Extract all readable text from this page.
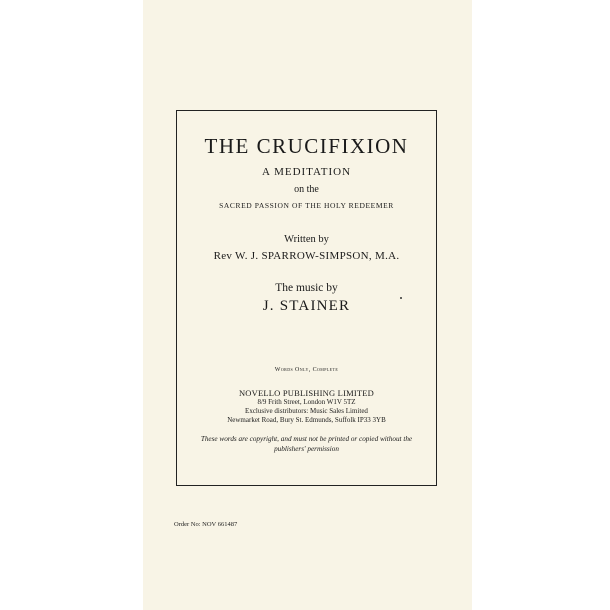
THE CRUCIFIXION
A MEDITATION
on the
SACRED PASSION OF THE HOLY REDEEMER
Written by
Rev W. J. SPARROW-SIMPSON, M.A.
The music by
J. STAINER
Words Only, Complete
NOVELLO PUBLISHING LIMITED
8/9 Frith Street, London W1V 5TZ
Exclusive distributors: Music Sales Limited
Newmarket Road, Bury St. Edmunds, Suffolk IP33 3YB
These words are copyright, and must not be printed or copied without the
publishers' permission
Order No: NOV 661487
